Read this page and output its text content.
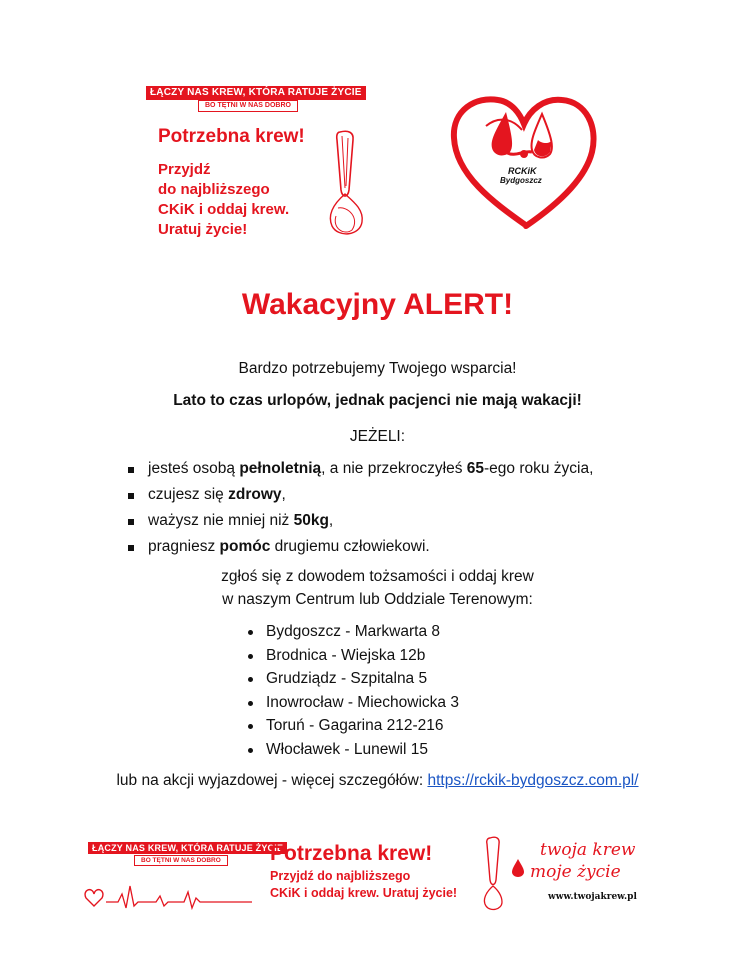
ŁĄCZY NAS KREW, KTÓRA RATUJE ŻYCIE
BO TĘTNI W NAS DOBRO
Potrzebna krew!
Przyjdź
do najbliższego
CKiK i oddaj krew.
Uratuj życie!
RCKiK
Bydgoszcz
Wakacyjny ALERT!
Bardzo potrzebujemy Twojego wsparcia!
Lato to czas urlopów, jednak pacjenci nie mają wakacji!
JEŻELI:
jesteś osobą pełnoletnią, a nie przekroczyłeś 65-ego roku życia,
czujesz się zdrowy,
ważysz nie mniej niż 50kg,
pragniesz pomóc drugiemu człowiekowi.
zgłoś się z dowodem tożsamości i oddaj krew
w naszym Centrum lub Oddziale Terenowym:
Bydgoszcz - Markwarta 8
Brodnica - Wiejska 12b
Grudziądz - Szpitalna 5
Inowrocław - Miechowicka 3
Toruń - Gagarina 212-216
Włocławek - Lunewil 15
lub na akcji wyjazdowej - więcej szczegółów: https://rckik-bydgoszcz.com.pl/
ŁĄCZY NAS KREW, KTÓRA RATUJE ŻYCIE
BO TĘTNI W NAS DOBRO	Potrzebna krew!
Przyjdź do najbliższego
CKiK i oddaj krew. Uratuj życie!
twoja krew
moje życie
www.twojakrew.pl
